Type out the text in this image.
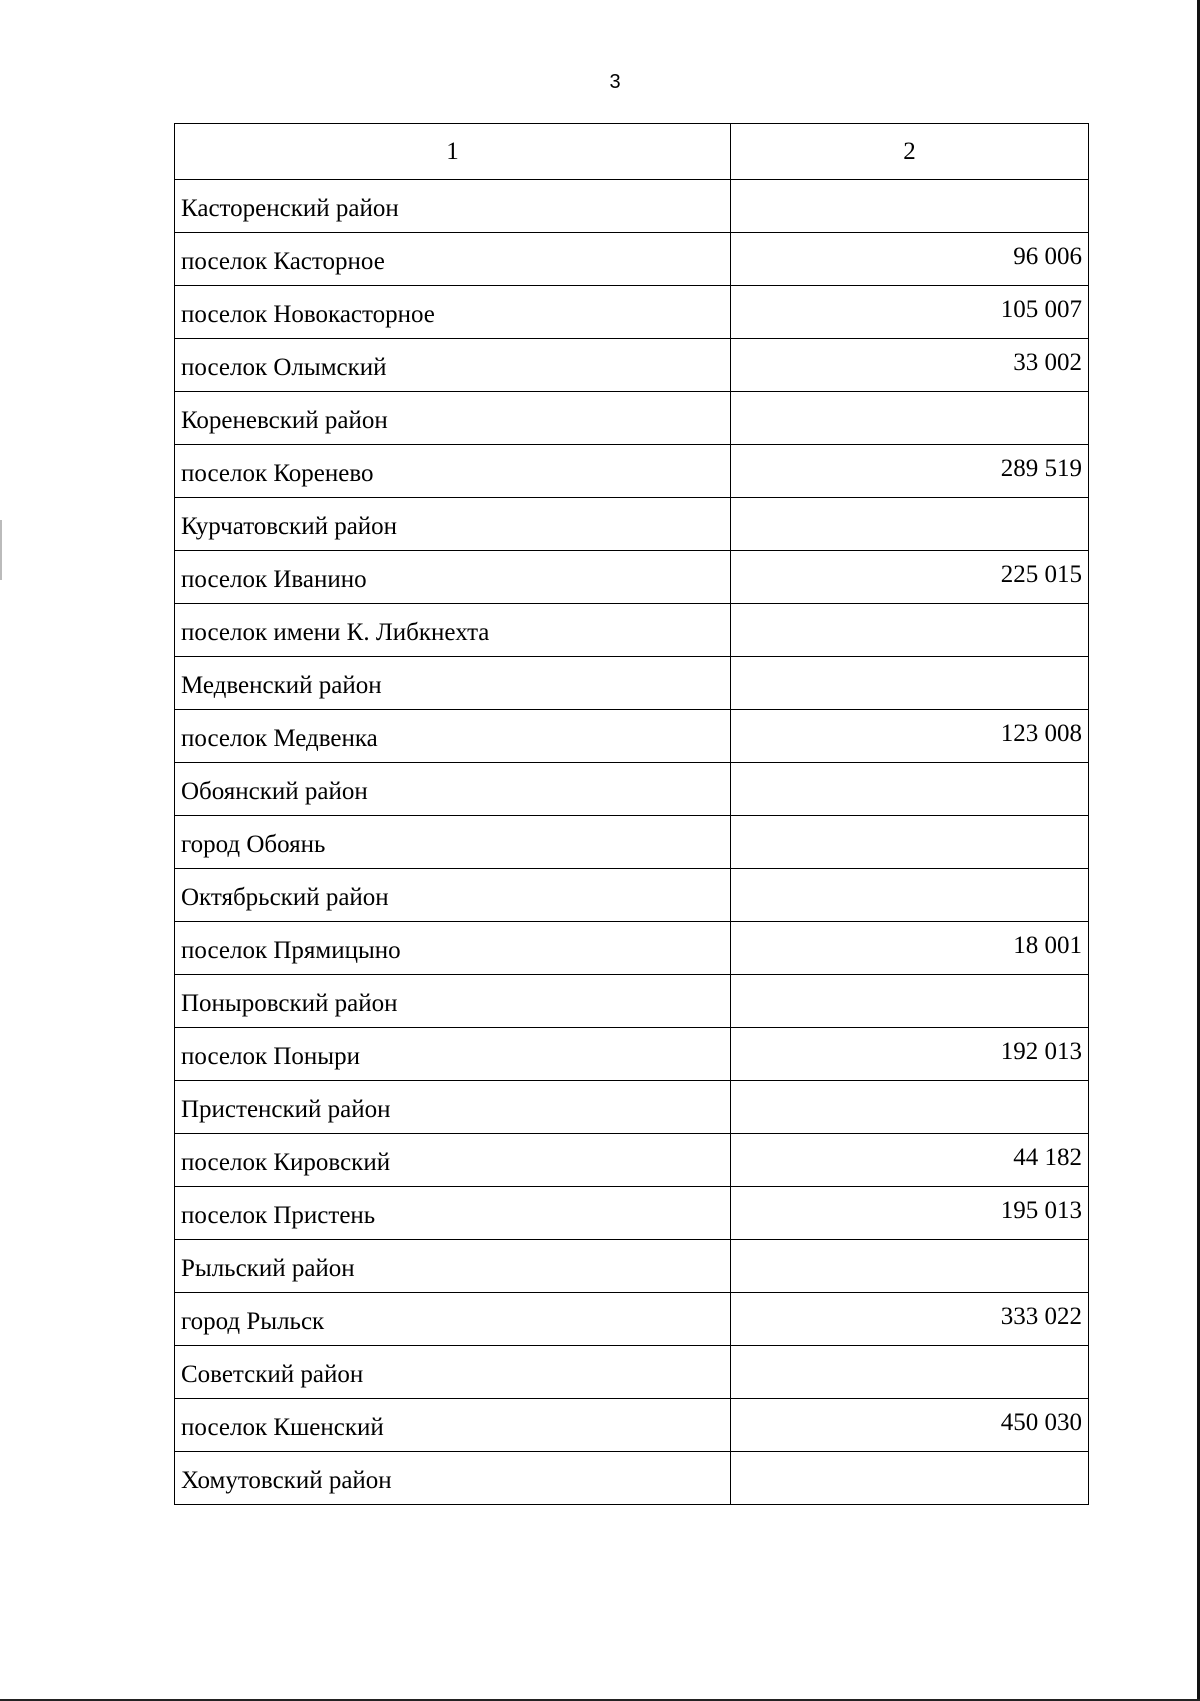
3
1	2
Касторенский район	
поселок Касторное	96 006
поселок Новокасторное	105 007
поселок Олымский	33 002
Кореневский район	
поселок Коренево	289 519
Курчатовский район	
поселок Иванино	225 015
поселок имени К. Либкнехта	
Медвенский район	
поселок Медвенка	123 008
Обоянский район	
город Обоянь	
Октябрьский район	
поселок Прямицыно	18 001
Поныровский район	
поселок Поныри	192 013
Пристенский район	
поселок Кировский	44 182
поселок Пристень	195 013
Рыльский район	
город Рыльск	333 022
Советский район	
поселок Кшенский	450 030
Хомутовский район	
